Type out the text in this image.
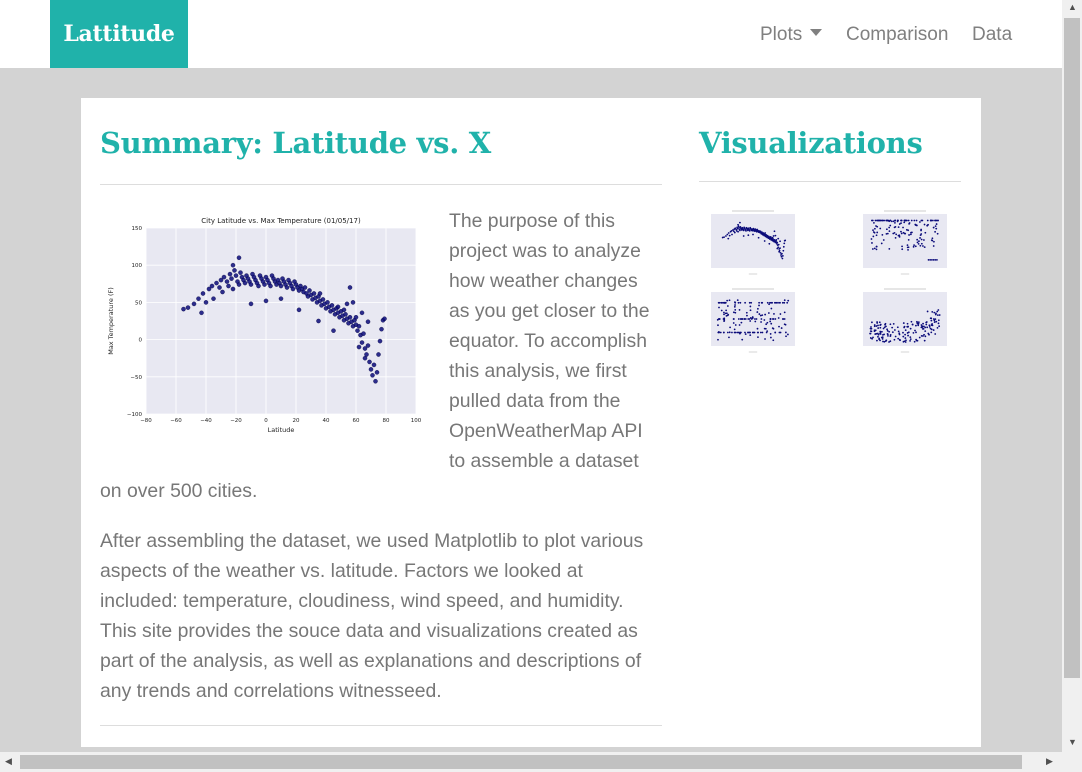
Lattitude	Plots	Comparison Data
Summary: Latitude vs. X

The purpose of this project was to analyze how weather changes as you get closer to the equator. To accomplish this analysis, we first pulled data from the OpenWeatherMap API to assemble a dataset on over 500 cities.

After assembling the dataset, we used Matplotlib to plot various aspects of the weather vs. latitude. Factors we looked at included: temperature, cloudiness, wind speed, and humidity. This site provides the souce data and visualizations created as part of the analysis, as well as explanations and descriptions of any trends and correlations witnesseed.

City Latitude vs. Max Temperature (01/05/17)
−80	−60	−40	−20	0	20	40	60	80	100
−100
−50
0
50
100
150
Latitude
Max Temperature (F)
Visualizations
▲
▼
◀	▶
